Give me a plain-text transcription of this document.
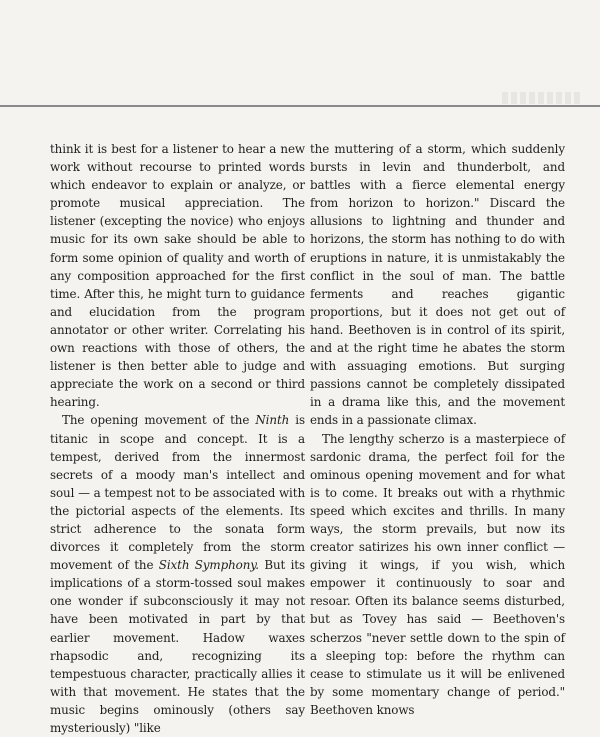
think it is best for a listener to hear a new work without recourse to printed words which endeavor to explain or analyze, or promote musical appreciation. The listener (excepting the novice) who enjoys music for its own sake should be able to form some opinion of quality and worth of any composition approached for the first time. After this, he might turn to guidance and elucidation from the program annotator or other writer. Correlating his own reactions with those of others, the listener is then better able to judge and appreciate the work on a second or third hearing.

The opening movement of the Ninth is titanic in scope and concept. It is a tempest, derived from the innermost secrets of a moody man's intellect and soul — a tempest not to be associated with the pictorial aspects of the elements. Its strict adherence to the sonata form divorces it completely from the storm movement of the Sixth Symphony. But its implications of a storm-tossed soul makes one wonder if subconsciously it may not have been motivated in part by that earlier movement. Hadow waxes rhapsodic and, recognizing its tempestuous character, practically allies it with that movement. He states that the music begins ominously (others say mysteriously) "like

the muttering of a storm, which suddenly bursts in levin and thunderbolt, and battles with a fierce elemental energy from horizon to horizon." Discard the allusions to lightning and thunder and horizons, the storm has nothing to do with eruptions in nature, it is unmistakably the conflict in the soul of man. The battle ferments and reaches gigantic proportions, but it does not get out of hand. Beethoven is in control of its spirit, and at the right time he abates the storm with assuaging emotions. But surging passions cannot be completely dissipated in a drama like this, and the movement ends in a passionate climax.

The lengthy scherzo is a masterpiece of sardonic drama, the perfect foil for the ominous opening movement and for what is to come. It breaks out with a rhythmic speed which excites and thrills. In many ways, the storm prevails, but now its creator satirizes his own inner conflict — giving it wings, if you wish, which empower it continuously to soar and resoar. Often its balance seems disturbed, but as Tovey has said — Beethoven's scherzos "never settle down to the spin of a sleeping top: before the rhythm can cease to stimulate us it will be enlivened by some momentary change of period." Beethoven knows
